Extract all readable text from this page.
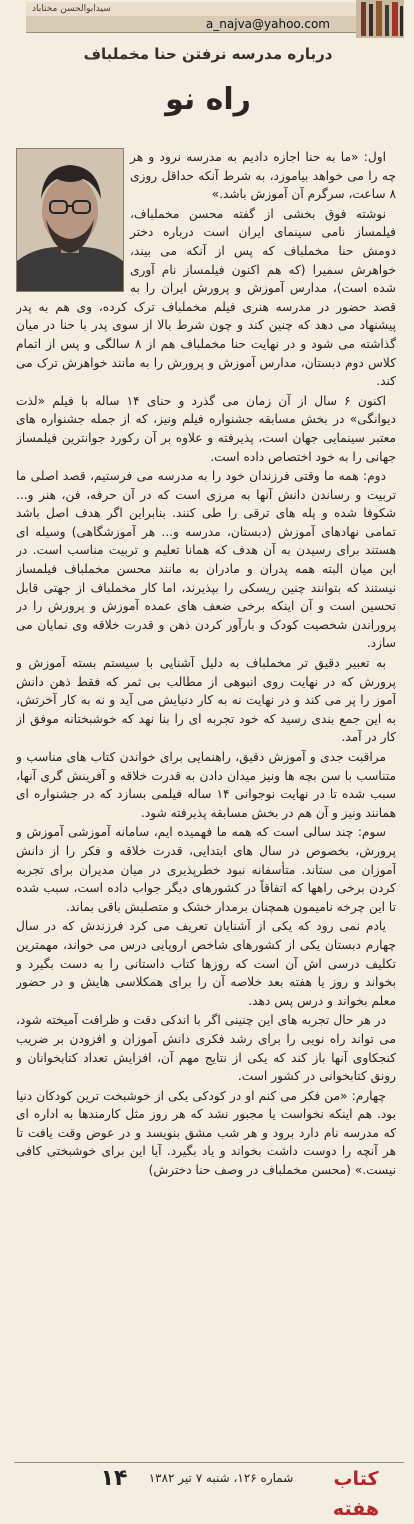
سیدابوالحسن مختاباد
a_najva@yahoo.com
درباره مدرسه نرفتن حنا مخملباف
راه نو

اول: «ما به حنا اجازه دادیم به مدرسه نرود و هر چه را می خواهد بیاموزد، به شرط آنکه حداقل روزی ۸ ساعت، سرگرم آن آموزش باشد.»

نوشته فوق بخشی از گفته محسن مخملباف، فیلمساز نامی سینمای ایران است درباره دختر دومش حنا مخملباف که پس از آنکه می بیند، خواهرش سمیرا (که هم اکنون فیلمساز نام آوری شده است)، مدارس آموزش و پرورش ایران را به قصد حضور در مدرسه هنری فیلم مخملباف ترک کرده، وی هم به پدر پیشنهاد می دهد که چنین کند و چون شرط بالا از سوی پدر با حنا در میان گذاشته می شود و در نهایت حنا مخملباف هم از ۸ سالگی و پس از اتمام کلاس دوم دبستان، مدارس آموزش و پرورش را به مانند خواهرش ترک می کند.

اکنون ۶ سال از آن زمان می گذرد و حنای ۱۴ ساله با فیلم «لذت دیوانگی» در بخش مسابقه جشنواره فیلم ونیز، که از جمله جشنواره های معتبر سینمایی جهان است، پذیرفته و علاوه بر آن رکورد جوانترین فیلمساز جهانی را به خود اختصاص داده است.

دوم: همه ما وقتی فرزندان خود را به مدرسه می فرستیم، قصد اصلی ما تربیت و رساندن دانش آنها به مرزی است که در آن حرفه، فن، هنر و... شکوفا شده و پله های ترقی را طی کنند. بنابراین اگر هدف اصل باشد تمامی نهادهای آموزش (دبستان، مدرسه و... هر آموزشگاهی) وسیله ای هستند برای رسیدن به آن هدف که همانا تعلیم و تربیت مناسب است. در این میان البته همه پدران و مادران به مانند محسن مخملباف فیلمساز نیستند که بتوانند چنین ریسکی را بپذیرند، اما کار مخملباف از جهتی قابل تحسین است و آن اینکه برخی ضعف های عمده آموزش و پرورش را در پروراندن شخصیت کودک و بارآور کردن ذهن و قدرت خلاقه وی نمایان می سازد.

به تعبیر دقیق تر مخملباف به دلیل آشنایی با سیستم بسته آموزش و پرورش که در نهایت روی انبوهی از مطالب بی ثمر که فقط ذهن دانش آموز را پر می کند و در نهایت نه به کار دنیایش می آید و نه به کار آخرتش، به این جمع بندی رسید که خود تجربه ای را بنا نهد که خوشبختانه موفق از کار در آمد.

مراقبت جدی و آموزش دقیق، راهنمایی برای خواندن کتاب های مناسب و متناسب با سن بچه ها ونیز میدان دادن به قدرت خلاقه و آفرینش گری آنها، سبب شده تا در نهایت نوجوانی ۱۴ ساله فیلمی بسازد که در جشنواره ای همانند ونیز و آن هم در بخش مسابقه پذیرفته شود.

سوم: چند سالی است که همه ما فهمیده ایم، سامانه آموزشی آموزش و پرورش، بخصوص در سال های ابتدایی، قدرت خلاقه و فکر را از دانش آموزان می ستاند. متأسفانه نبود خطرپذیری در میان مدیران برای تجربه کردن برخی راهها که اتفاقاً در کشورهای دیگر جواب داده است، سبب شده تا این چرخه نامیمون همچنان برمدار خشک و متصلبش باقی بماند.

یادم نمی رود که یکی از آشنایان تعریف می کرد فرزندش که در سال چهارم دبستان یکی از کشورهای شاخص اروپایی درس می خواند، مهمترین تکلیف درسی اش آن است که روزها کتاب داستانی را به دست بگیرد و بخواند و روز یا هفته بعد خلاصه آن را برای همکلاسی هایش و در حضور معلم بخواند و درس پس دهد.

در هر حال تجربه های این چنینی اگر با اندکی دقت و ظرافت آمیخته شود، می تواند راه نویی را برای رشد فکری دانش آموزان و افزودن بر ضریب کنجکاوی آنها باز کند که یکی از نتایج مهم آن، افزایش تعداد کتابخوانان و رونق کتابخوانی در کشور است.

چهارم: «من فکر می کنم او در کودکی یکی از خوشبخت ترین کودکان دنیا بود. هم اینکه نخواست یا مجبور نشد که هر روز مثل کارمندها به اداره ای که مدرسه نام دارد برود و هر شب مشق بنویسد و در عوض وقت یافت تا هر آنچه را دوست داشت بخواند و یاد بگیرد. آیا این برای خوشبختی کافی نیست.» (محسن مخملباف در وصف حنا دخترش)

۱۴	شماره ۱۲۶، شنبه ۷ تیر ۱۳۸۲	کتاب هفته
